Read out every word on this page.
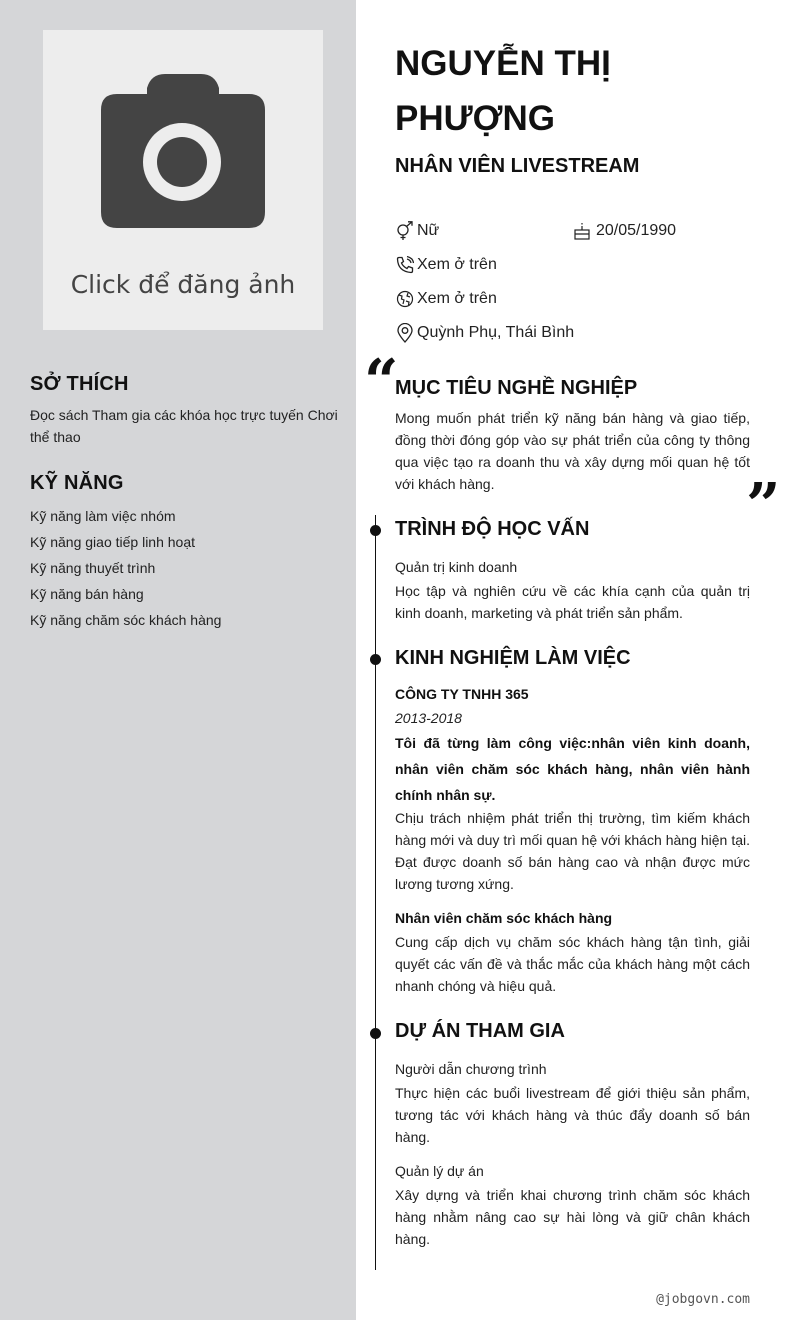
Click để đăng ảnh
SỞ THÍCH
Đọc sách Tham gia các khóa học trực tuyến Chơi thể thao
KỸ NĂNG
Kỹ năng làm việc nhóm
Kỹ năng giao tiếp linh hoạt
Kỹ năng thuyết trình
Kỹ năng bán hàng
Kỹ năng chăm sóc khách hàng
NGUYỄN THỊ
PHƯỢNG
NHÂN VIÊN LIVESTREAM
Nữ	20/05/1990
Xem ở trên
Xem ở trên
Quỳnh Phụ, Thái Bình
“
MỤC TIÊU NGHỀ NGHIỆP
Mong muốn phát triển kỹ năng bán hàng và giao tiếp, đồng thời đóng góp vào sự phát triển của công ty thông qua việc tạo ra doanh thu và xây dựng mối quan hệ tốt với khách hàng.	”
TRÌNH ĐỘ HỌC VẤN
Quản trị kinh doanh
Học tập và nghiên cứu về các khía cạnh của quản trị kinh doanh, marketing và phát triển sản phẩm.
KINH NGHIỆM LÀM VIỆC
CÔNG TY TNHH 365
2013-2018
Tôi đã từng làm công việc:nhân viên kinh doanh, nhân viên chăm sóc khách hàng, nhân viên hành chính nhân sự.
Chịu trách nhiệm phát triển thị trường, tìm kiếm khách hàng mới và duy trì mối quan hệ với khách hàng hiện tại. Đạt được doanh số bán hàng cao và nhận được mức lương tương xứng.
Nhân viên chăm sóc khách hàng
Cung cấp dịch vụ chăm sóc khách hàng tận tình, giải quyết các vấn đề và thắc mắc của khách hàng một cách nhanh chóng và hiệu quả.
DỰ ÁN THAM GIA
Người dẫn chương trình
Thực hiện các buổi livestream để giới thiệu sản phẩm, tương tác với khách hàng và thúc đẩy doanh số bán hàng.
Quản lý dự án
Xây dựng và triển khai chương trình chăm sóc khách hàng nhằm nâng cao sự hài lòng và giữ chân khách hàng.
@jobgovn.com
